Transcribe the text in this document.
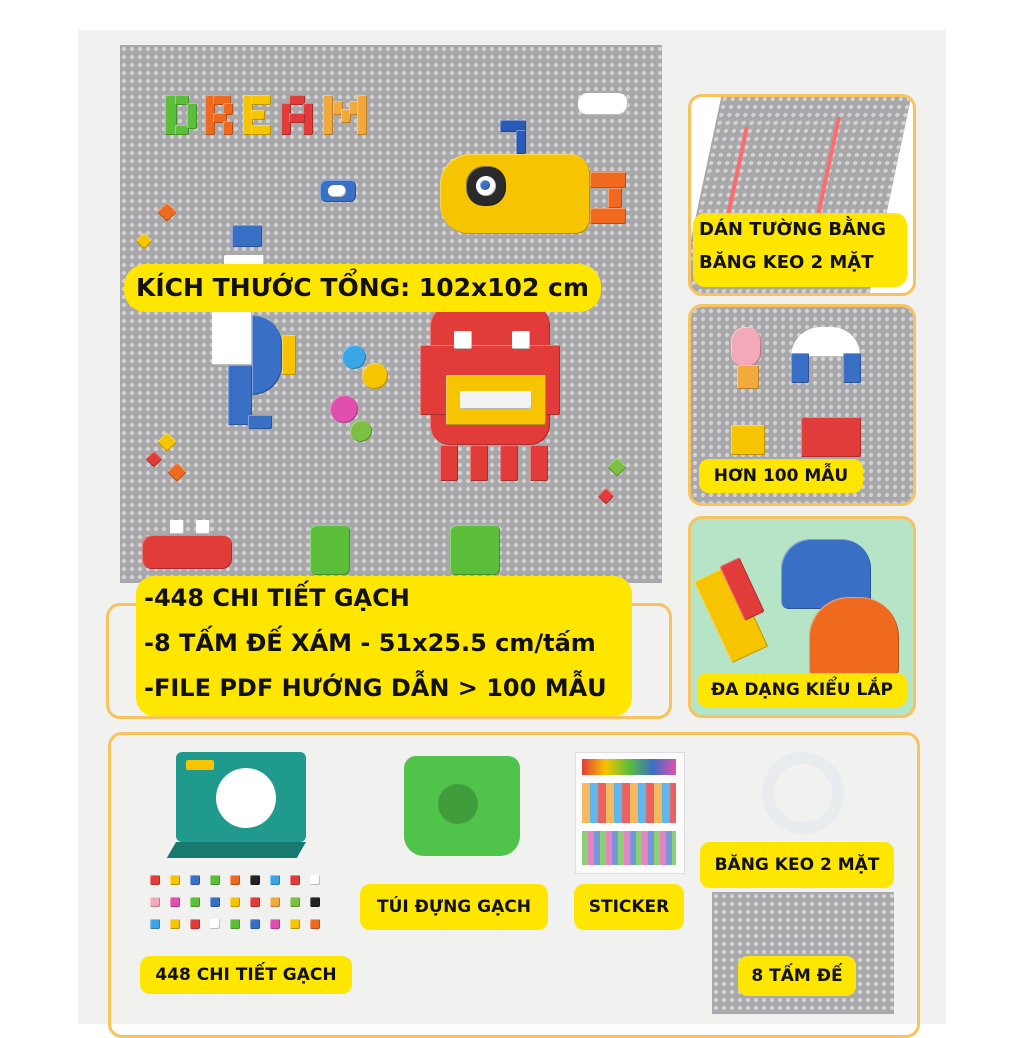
KÍCH THƯỚC TỔNG: 102x102 cm
-448 CHI TIẾT GẠCH
-8 TẤM ĐẾ XÁM - 51x25.5 cm/tấm
-FILE PDF HƯỚNG DẪN > 100 MẪU
DÁN TƯỜNG BẰNG
BĂNG KEO 2 MẶT
HƠN 100 MẪU
ĐA DẠNG KIỂU LẮP
448 CHI TIẾT GẠCH
TÚI ĐỰNG GẠCH	STICKER
BĂNG KEO 2 MẶT
8 TẤM ĐẾ
